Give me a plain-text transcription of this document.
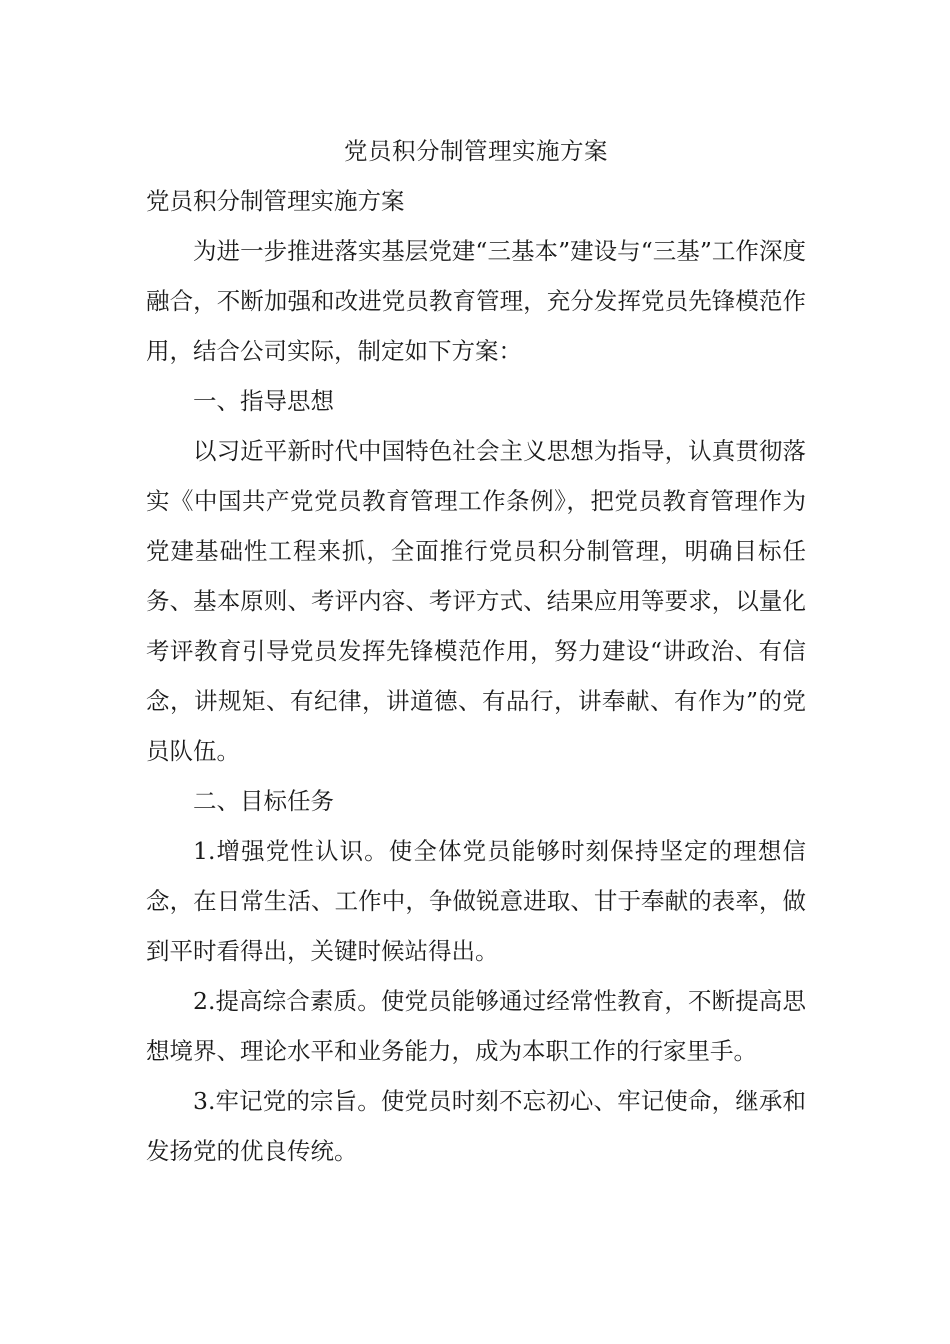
党员积分制管理实施方案

党员积分制管理实施方案

为进一步推进落实基层党建“三基本”建设与“三基”工作深度融合，不断加强和改进党员教育管理，充分发挥党员先锋模范作用，结合公司实际，制定如下方案：

一、指导思想

以习近平新时代中国特色社会主义思想为指导，认真贯彻落实《中国共产党党员教育管理工作条例》，把党员教育管理作为党建基础性工程来抓，全面推行党员积分制管理，明确目标任务、基本原则、考评内容、考评方式、结果应用等要求，以量化考评教育引导党员发挥先锋模范作用，努力建设“讲政治、有信念，讲规矩、有纪律，讲道德、有品行，讲奉献、有作为”的党员队伍。

二、目标任务

1.增强党性认识。使全体党员能够时刻保持坚定的理想信念，在日常生活、工作中，争做锐意进取、甘于奉献的表率，做到平时看得出，关键时候站得出。

2.提高综合素质。使党员能够通过经常性教育，不断提高思想境界、理论水平和业务能力，成为本职工作的行家里手。

3.牢记党的宗旨。使党员时刻不忘初心、牢记使命，继承和发扬党的优良传统。
